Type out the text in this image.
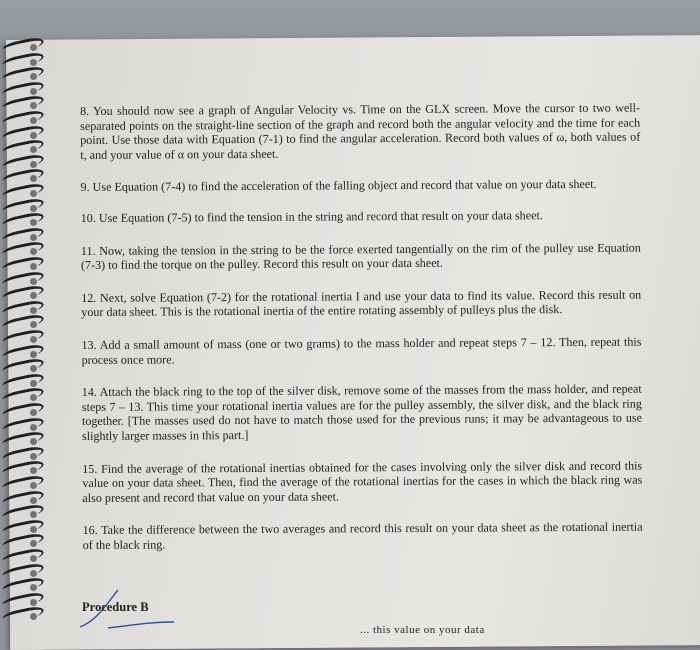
8. You should now see a graph of Angular Velocity vs. Time on the GLX screen. Move the cursor to two well-separated points on the straight-line section of the graph and record both the angular velocity and the time for each point. Use those data with Equation (7-1) to find the angular acceleration. Record both values of ω, both values of t, and your value of α on your data sheet.

9. Use Equation (7-4) to find the acceleration of the falling object and record that value on your data sheet.

10. Use Equation (7-5) to find the tension in the string and record that result on your data sheet.

11. Now, taking the tension in the string to be the force exerted tangentially on the rim of the pulley use Equation (7-3) to find the torque on the pulley. Record this result on your data sheet.

12. Next, solve Equation (7-2) for the rotational inertia I and use your data to find its value. Record this result on your data sheet. This is the rotational inertia of the entire rotating assembly of pulleys plus the disk.

13. Add a small amount of mass (one or two grams) to the mass holder and repeat steps 7 – 12. Then, repeat this process once more.

14. Attach the black ring to the top of the silver disk, remove some of the masses from the mass holder, and repeat steps 7 – 13. This time your rotational inertia values are for the pulley assembly, the silver disk, and the black ring together. [The masses used do not have to match those used for the previous runs; it may be advantageous to use slightly larger masses in this part.]

15. Find the average of the rotational inertias obtained for the cases involving only the silver disk and record this value on your data sheet. Then, find the average of the rotational inertias for the cases in which the black ring was also present and record that value on your data sheet.

16. Take the difference between the two averages and record this result on your data sheet as the rotational inertia of the black ring.

Procedure B
... this value on your data
